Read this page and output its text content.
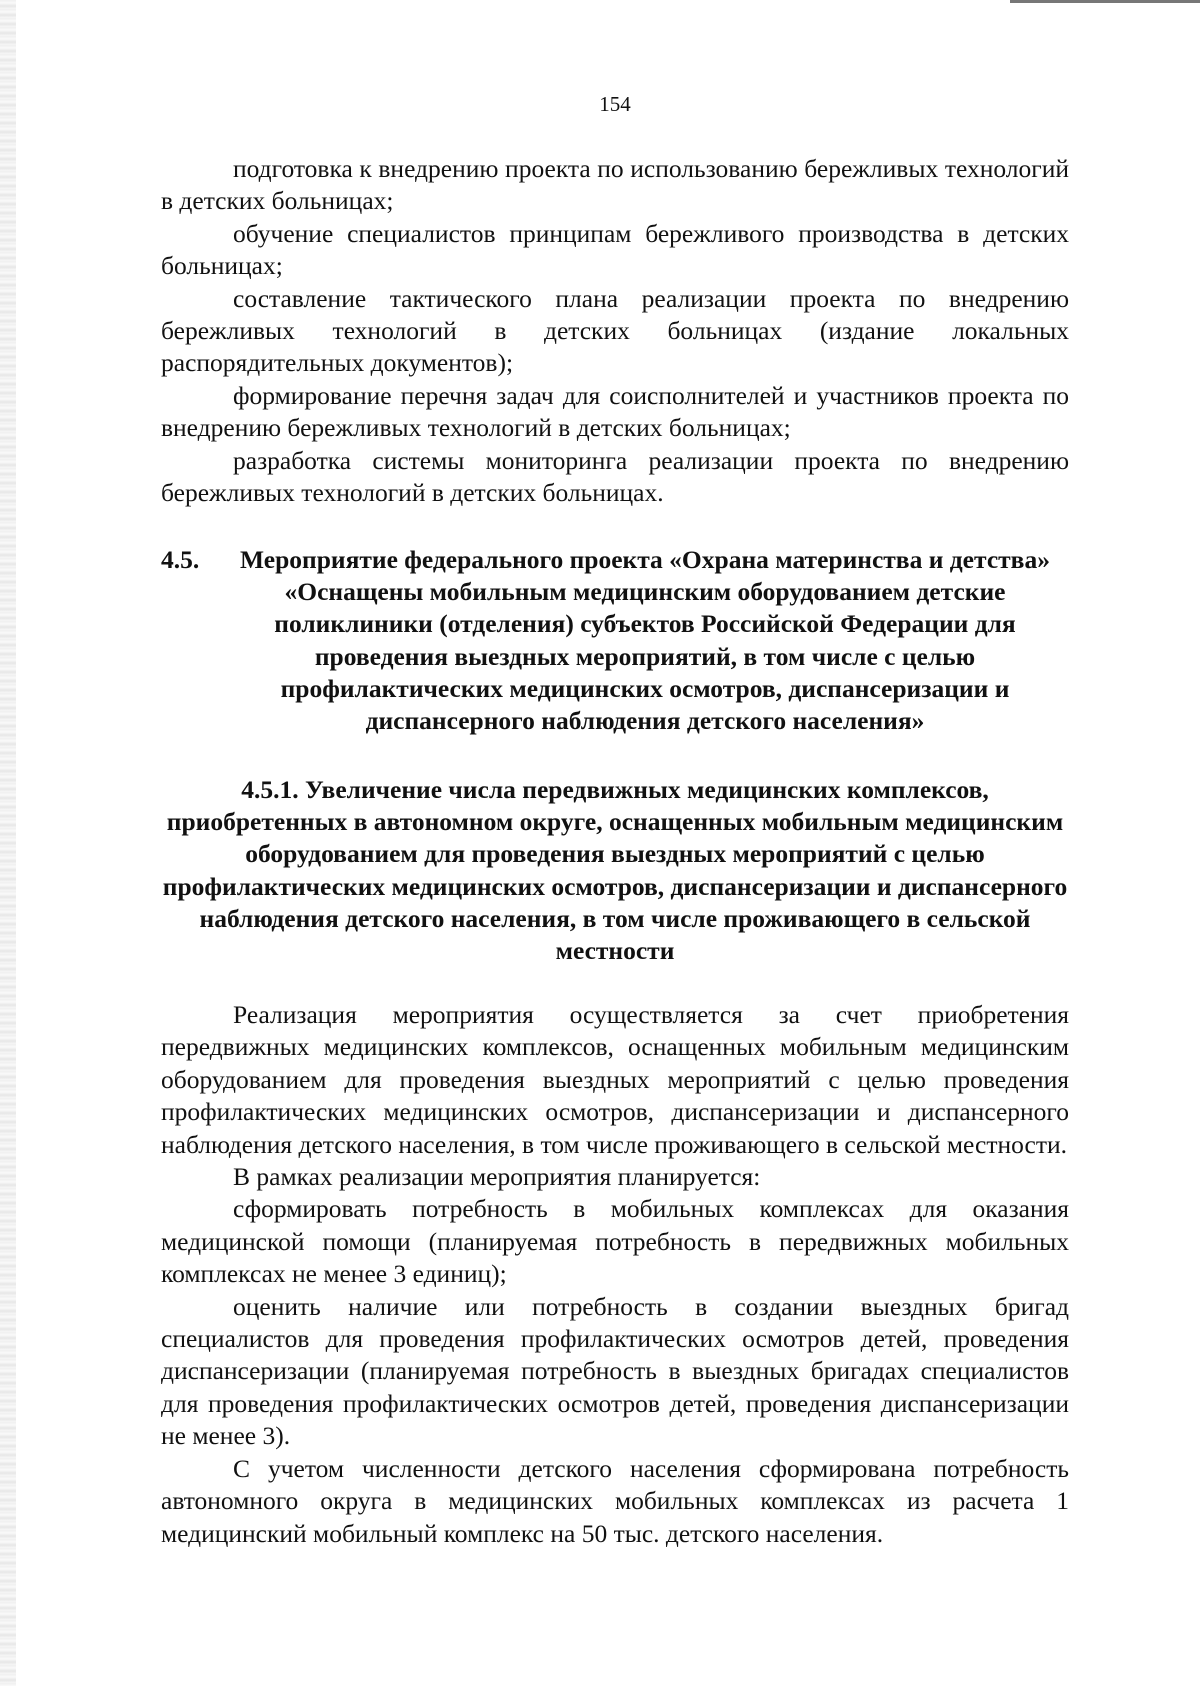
154

подготовка к внедрению проекта по использованию бережливых технологий в детских больницах;

обучение специалистов принципам бережливого производства в детских больницах;

составление тактического плана реализации проекта по внедрению бережливых технологий в детских больницах (издание локальных распорядительных документов);

формирование перечня задач для соисполнителей и участников проекта по внедрению бережливых технологий в детских больницах;

разработка системы мониторинга реализации проекта по внедрению бережливых технологий в детских больницах.

4.5.	Мероприятие федерального проекта «Охрана материнства и детства» «Оснащены мобильным медицинским оборудованием детские поликлиники (отделения) субъектов Российской Федерации для проведения выездных мероприятий, в том числе с целью профилактических медицинских осмотров, диспансеризации и диспансерного наблюдения детского населения»
4.5.1. Увеличение числа передвижных медицинских комплексов, приобретенных в автономном округе, оснащенных мобильным медицинским оборудованием для проведения выездных мероприятий с целью профилактических медицинских осмотров, диспансеризации и диспансерного наблюдения детского населения, в том числе проживающего в сельской местности

Реализация мероприятия осуществляется за счет приобретения передвижных медицинских комплексов, оснащенных мобильным медицинским оборудованием для проведения выездных мероприятий с целью проведения профилактических медицинских осмотров, диспансеризации и диспансерного наблюдения детского населения, в том числе проживающего в сельской местности.

В рамках реализации мероприятия планируется:

сформировать потребность в мобильных комплексах для оказания медицинской помощи (планируемая потребность в передвижных мобильных комплексах не менее 3 единиц);

оценить наличие или потребность в создании выездных бригад специалистов для проведения профилактических осмотров детей, проведения диспансеризации (планируемая потребность в выездных бригадах специалистов для проведения профилактических осмотров детей, проведения диспансеризации не менее 3).

С учетом численности детского населения сформирована потребность автономного округа в медицинских мобильных комплексах из расчета 1 медицинский мобильный комплекс на 50 тыс. детского населения.
